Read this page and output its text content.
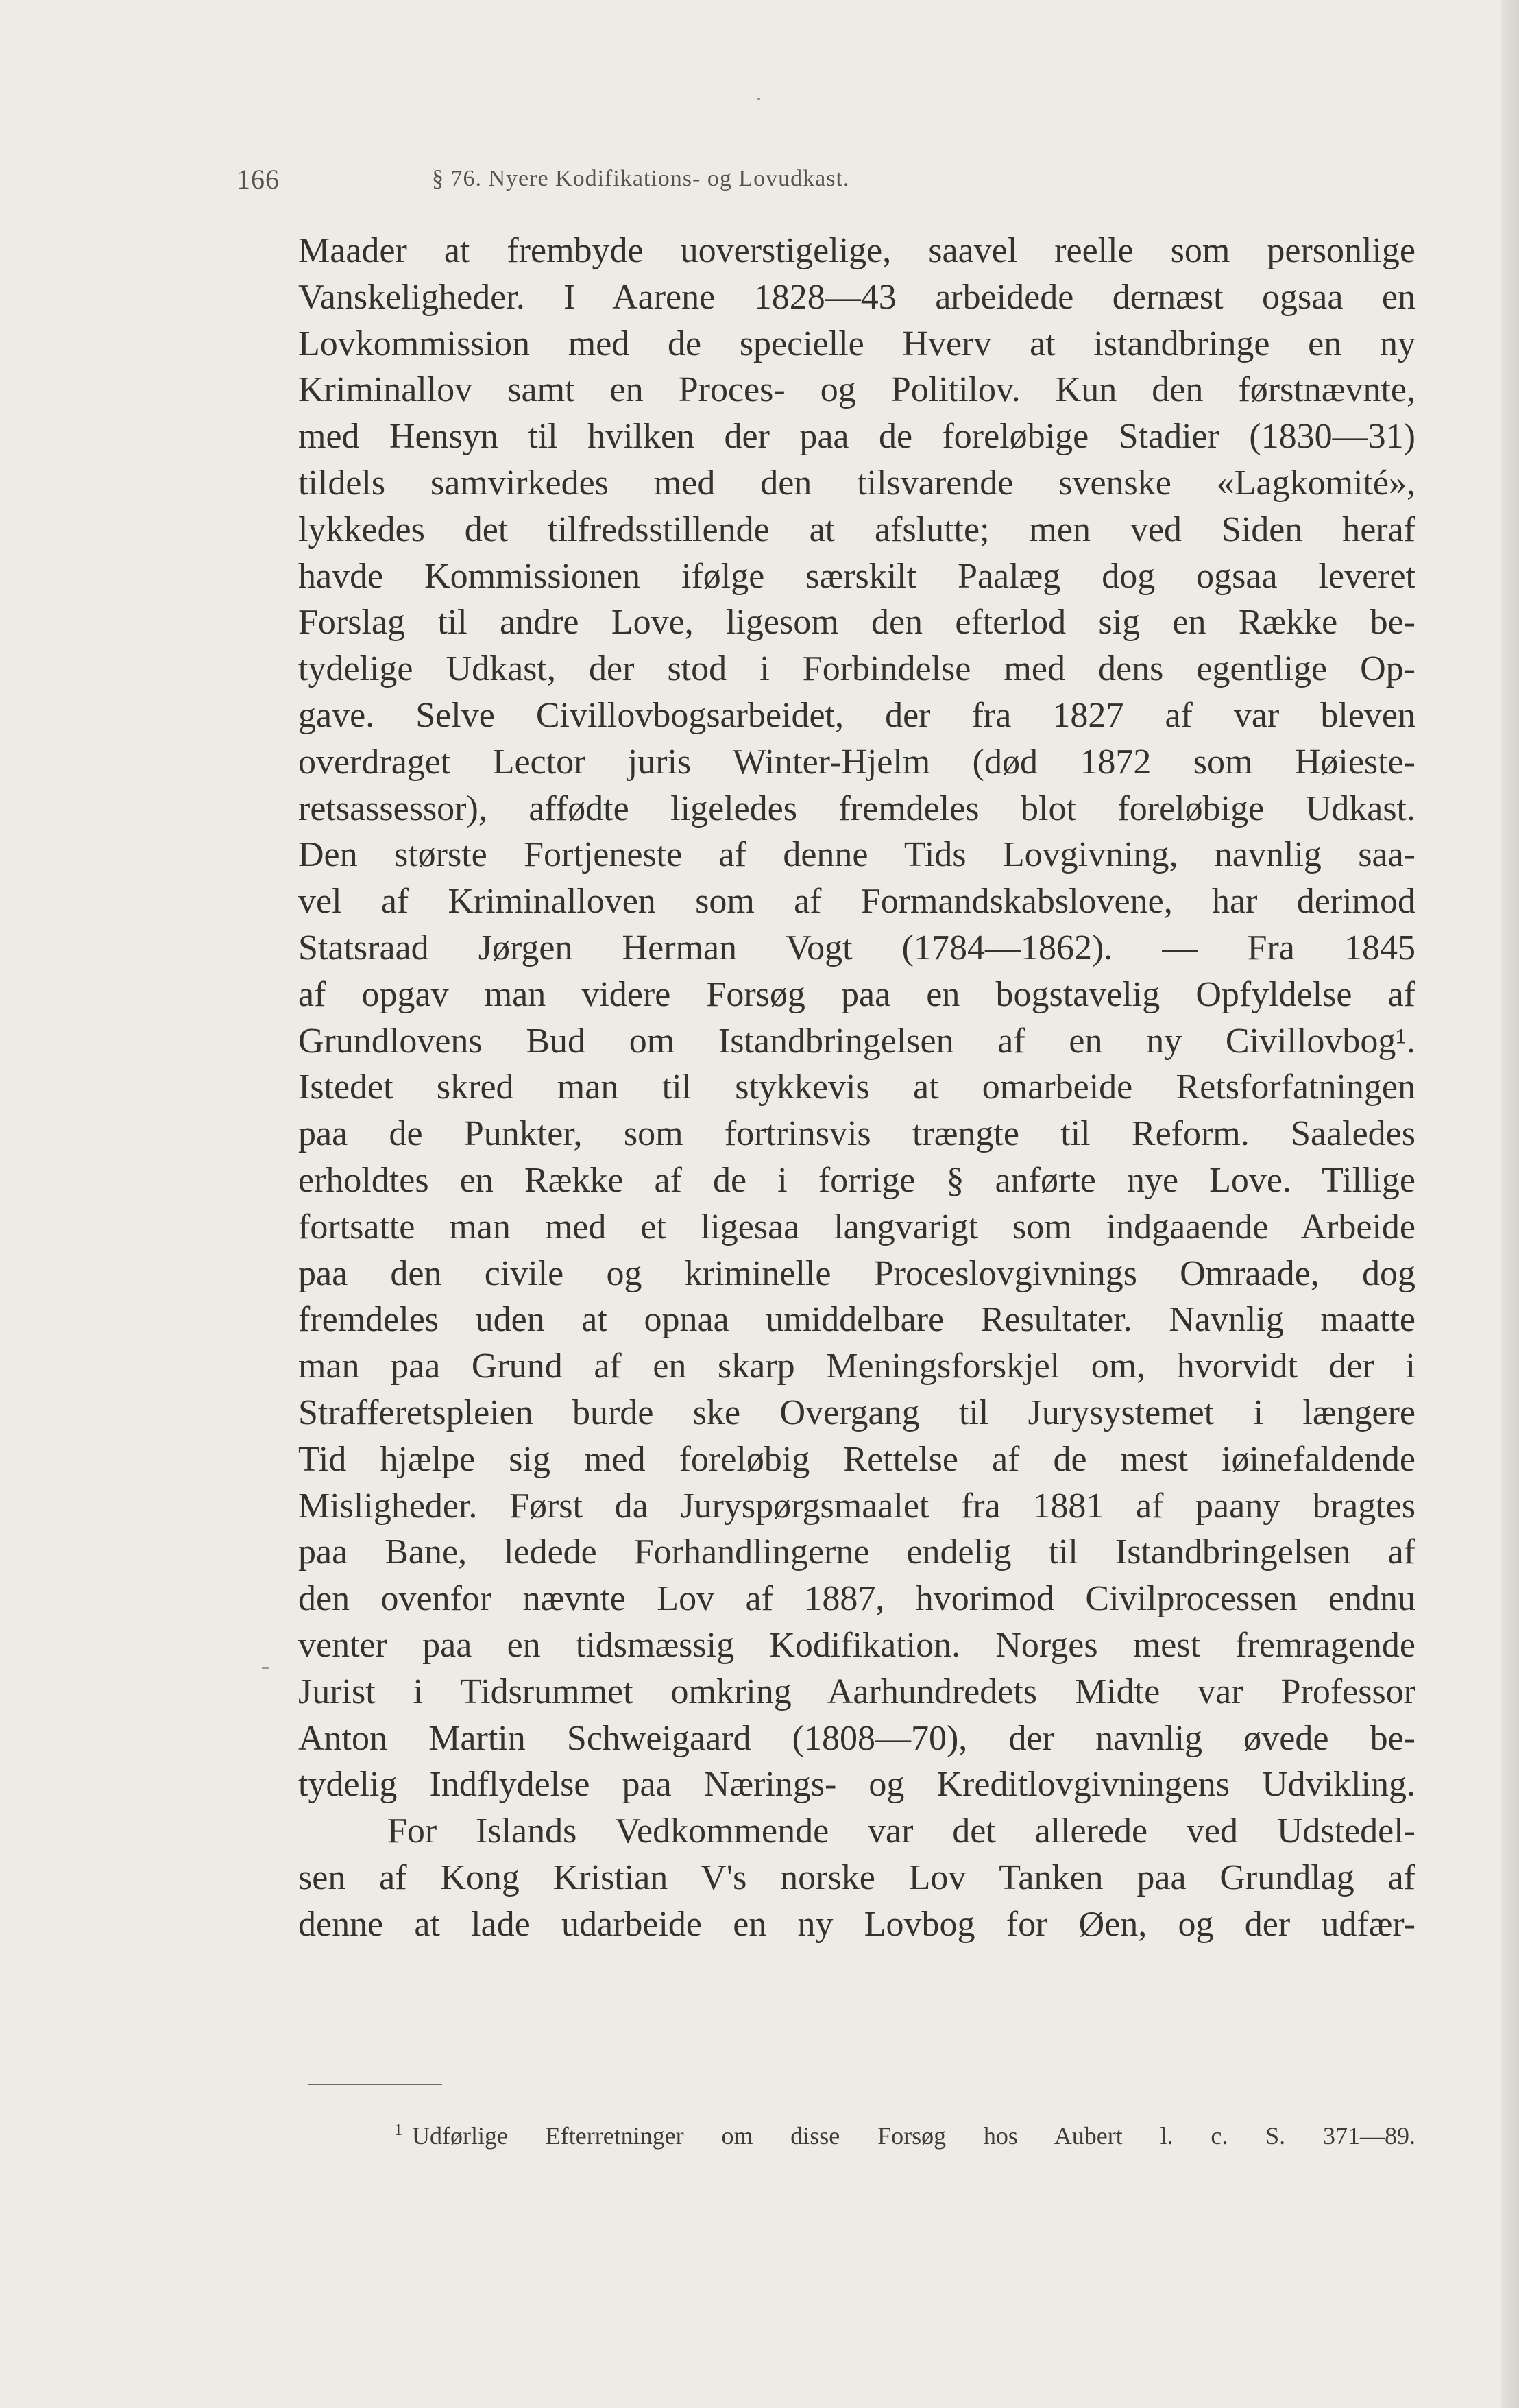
166	§ 76. Nyere Kodifikations- og Lovudkast.
Maader at frembyde uoverstigelige, saavel reelle som personlige
Vanskeligheder. I Aarene 1828—43 arbeidede dernæst ogsaa en
Lovkommission med de specielle Hverv at istandbringe en ny
Kriminallov samt en Proces- og Politilov. Kun den førstnævnte,
med Hensyn til hvilken der paa de foreløbige Stadier (1830—31)
tildels samvirkedes med den tilsvarende svenske «Lagkomité»,
lykkedes det tilfredsstillende at afslutte; men ved Siden heraf
havde Kommissionen ifølge særskilt Paalæg dog ogsaa leveret
Forslag til andre Love, ligesom den efterlod sig en Række be-
tydelige Udkast, der stod i Forbindelse med dens egentlige Op-
gave. Selve Civillovbogsarbeidet, der fra 1827 af var bleven
overdraget Lector juris Winter-Hjelm (død 1872 som Høieste-
retsassessor), affødte ligeledes fremdeles blot foreløbige Udkast.
Den største Fortjeneste af denne Tids Lovgivning, navnlig saa-
vel af Kriminalloven som af Formandskabslovene, har derimod
Statsraad Jørgen Herman Vogt (1784—1862). — Fra 1845
af opgav man videre Forsøg paa en bogstavelig Opfyldelse af
Grundlovens Bud om Istandbringelsen af en ny Civillovbog¹.
Istedet skred man til stykkevis at omarbeide Retsforfatningen
paa de Punkter, som fortrinsvis trængte til Reform. Saaledes
erholdtes en Række af de i forrige § anførte nye Love. Tillige
fortsatte man med et ligesaa langvarigt som indgaaende Arbeide
paa den civile og kriminelle Proceslovgivnings Omraade, dog
fremdeles uden at opnaa umiddelbare Resultater. Navnlig maatte
man paa Grund af en skarp Meningsforskjel om, hvorvidt der i
Strafferetspleien burde ske Overgang til Jurysystemet i længere
Tid hjælpe sig med foreløbig Rettelse af de mest iøinefaldende
Misligheder. Først da Juryspørgsmaalet fra 1881 af paany bragtes
paa Bane, ledede Forhandlingerne endelig til Istandbringelsen af
den ovenfor nævnte Lov af 1887, hvorimod Civilprocessen endnu
venter paa en tidsmæssig Kodifikation. Norges mest fremragende
Jurist i Tidsrummet omkring Aarhundredets Midte var Professor
Anton Martin Schweigaard (1808—70), der navnlig øvede be-
tydelig Indflydelse paa Nærings- og Kreditlovgivningens Udvikling.
For Islands Vedkommende var det allerede ved Udstedel-
sen af Kong Kristian V's norske Lov Tanken paa Grundlag af
denne at lade udarbeide en ny Lovbog for Øen, og der udfær-
$^1$ Udførlige Efterretninger om disse Forsøg hos Aubert l. c. S. 371—89.
